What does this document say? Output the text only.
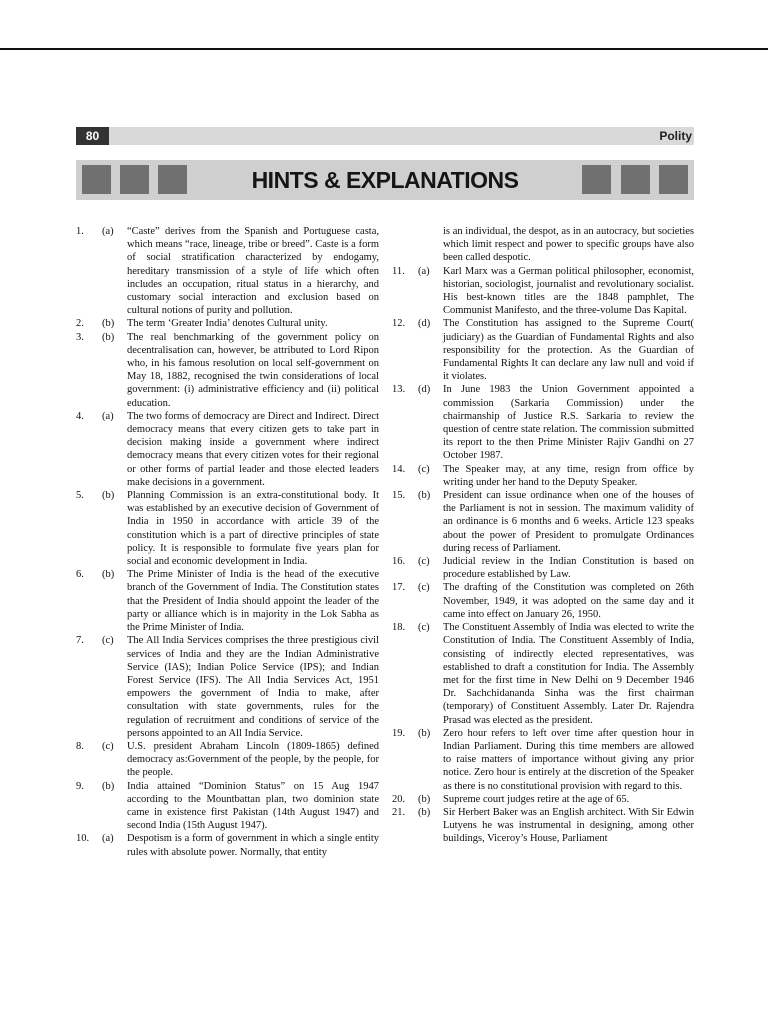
80	Polity
HINTS & EXPLANATIONS
1.	(a) “Caste” derives from the Spanish and Portuguese casta, which means “race, lineage, tribe or breed”. Caste is a form of social stratification characterized by endogamy, hereditary transmission of a style of life which often includes an occupation, ritual status in a hierarchy, and customary social interaction and exclusion based on cultural notions of purity and pollution.

2.	(b) The term ‘Greater India’ denotes Cultural unity.

3.	(b) The real benchmarking of the government policy on decentralisation can, however, be attributed to Lord Ripon who, in his famous resolution on local self-government on May 18, 1882, recognised the twin considerations of local government: (i) administrative efficiency and (ii) political education.

4.	(a) The two forms of democracy are Direct and Indirect. Direct democracy means that every citizen gets to take part in decision making inside a government where indirect democracy means that every citizen votes for their regional or other forms of partial leader and those elected leaders make decisions in a government.

5.	(b) Planning Commission is an extra-constitutional body. It was established by an executive decision of Government of India in 1950 in accordance with article 39 of the constitution which is a part of directive principles of state policy. It is responsible to formulate five years plan for social and economic development in India.

6.	(b) The Prime Minister of India is the head of the executive branch of the Government of India. The Constitution states that the President of India should appoint the leader of the party or alliance which is in majority in the Lok Sabha as the Prime Minister of India.

7.	(c) The All India Services comprises the three prestigious civil services of India and they are the Indian Administrative Service (IAS); Indian Police Service (IPS); and Indian Forest Service (IFS). The All India Services Act, 1951 empowers the government of India to make, after consultation with state governments, rules for the regulation of recruitment and conditions of service of the persons appointed to an All India Service.

8.	(c) U.S. president Abraham Lincoln (1809-1865) defined democracy as:Government of the people, by the people, for the people.

9.	(b) India attained “Dominion Status” on 15 Aug 1947 according to the Mountbattan plan, two dominion state came in existence first Pakistan (14th August 1947) and second India (15th August 1947).

10.	(a) Despotism is a form of government in which a single entity rules with absolute power. Normally, that entity

is an individual, the despot, as in an autocracy, but societies which limit respect and power to specific groups have also been called despotic.

11.	(a) Karl Marx was a German political philosopher, economist, historian, sociologist, journalist and revolutionary socialist. His best-known titles are the 1848 pamphlet, The Communist Manifesto, and the three-volume Das Kapital.

12.	(d) The Constitution has assigned to the Supreme Court( judiciary) as the Guardian of Fundamental Rights and also responsibility for the protection. As the Guardian of Fundamental Rights It can declare any law null and void if it violates.

13.	(d) In June 1983 the Union Government appointed a commission (Sarkaria Commission) under the chairmanship of Justice R.S. Sarkaria to review the question of centre state relation. The commission submitted its report to the then Prime Minister Rajiv Gandhi on 27 October 1987.

14.	(c) The Speaker may, at any time, resign from office by writing under her hand to the Deputy Speaker.

15.	(b) President can issue ordinance when one of the houses of the Parliament is not in session. The maximum validity of an ordinance is 6 months and 6 weeks. Article 123 speaks about the power of President to promulgate Ordinances during recess of Parliament.

16.	(c) Judicial review in the Indian Constitution is based on procedure established by Law.

17.	(c) The drafting of the Constitution was completed on 26th November, 1949, it was adopted on the same day and it came into effect on January 26, 1950.

18.	(c) The Constituent Assembly of India was elected to write the Constitution of India. The Constituent Assembly of India, consisting of indirectly elected representatives, was established to draft a constitution for India. The Assembly met for the first time in New Delhi on 9 December 1946 Dr. Sachchidananda Sinha was the first chairman (temporary) of Constituent Assembly. Later Dr. Rajendra Prasad was elected as the president.

19.	(b) Zero hour refers to left over time after question hour in Indian Parliament. During this time members are allowed to raise matters of importance without giving any prior notice. Zero hour is entirely at the discretion of the Speaker as there is no constitutional provision with regard to this.

20.	(b) Supreme court judges retire at the age of 65.

21.	(b) Sir Herbert Baker was an English architect. With Sir Edwin Lutyens he was instrumental in designing, among other buildings, Viceroy’s House, Parliament
